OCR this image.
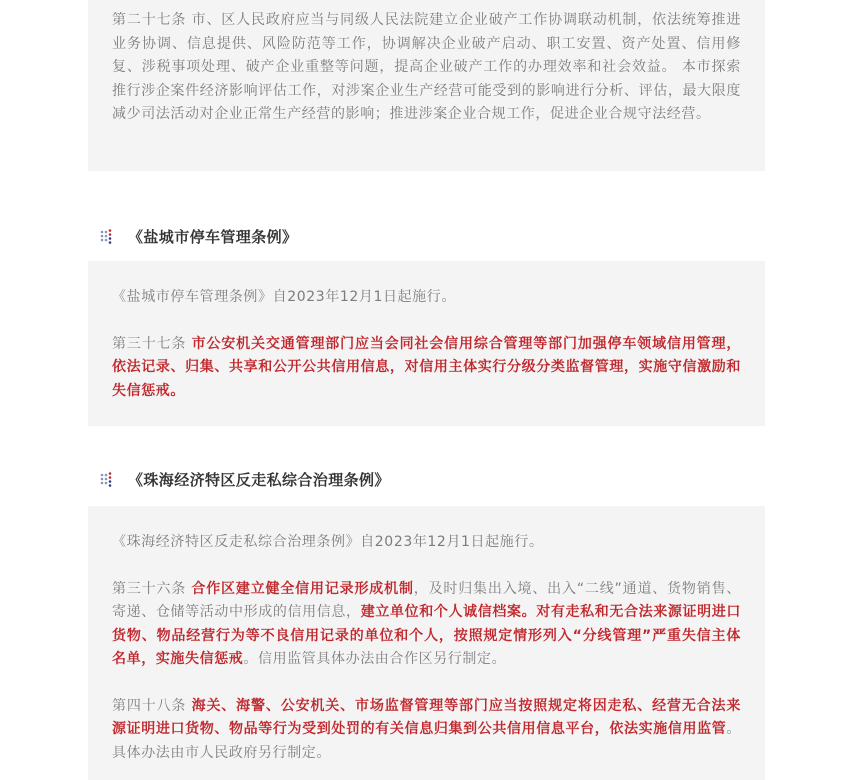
第二十七条 市、区人民政府应当与同级人民法院建立企业破产工作协调联动机制，依法统筹推进业务协调、信息提供、风险防范等工作，协调解决企业破产启动、职工安置、资产处置、信用修复、涉税事项处理、破产企业重整等问题，提高企业破产工作的办理效率和社会效益。 本市探索推行涉企案件经济影响评估工作，对涉案企业生产经营可能受到的影响进行分析、评估，最大限度减少司法活动对企业正常生产经营的影响；推进涉案企业合规工作，促进企业合规守法经营。

《盐城市停车管理条例》

《盐城市停车管理条例》自2023年12月1日起施行。

第三十七条 市公安机关交通管理部门应当会同社会信用综合管理等部门加强停车领域信用管理，依法记录、归集、共享和公开公共信用信息，对信用主体实行分级分类监督管理，实施守信激励和失信惩戒。

《珠海经济特区反走私综合治理条例》

《珠海经济特区反走私综合治理条例》自2023年12月1日起施行。

第三十六条 合作区建立健全信用记录形成机制，及时归集出入境、出入“二线”通道、货物销售、寄递、仓储等活动中形成的信用信息，建立单位和个人诚信档案。对有走私和无合法来源证明进口货物、物品经营行为等不良信用记录的单位和个人，按照规定情形列入“分线管理”严重失信主体名单，实施失信惩戒。信用监管具体办法由合作区另行制定。

第四十八条 海关、海警、公安机关、市场监督管理等部门应当按照规定将因走私、经营无合法来源证明进口货物、物品等行为受到处罚的有关信息归集到公共信用信息平台，依法实施信用监管。具体办法由市人民政府另行制定。
